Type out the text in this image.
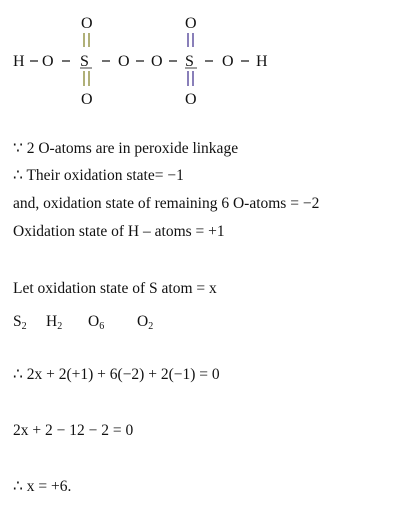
H O S O O S O H
O	O
O	O
∵ 2 O-atoms are in peroxide linkage
∴ Their oxidation state= −1
and, oxidation state of remaining 6 O-atoms = −2
Oxidation state of H – atoms = +1
Let oxidation state of S atom = x
$S_2$ $H_2$ $O_6$ $O_2$
∴ 2x + 2(+1) + 6(−2) + 2(−1) = 0
2x + 2 − 12 − 2 = 0
∴ x = +6.
